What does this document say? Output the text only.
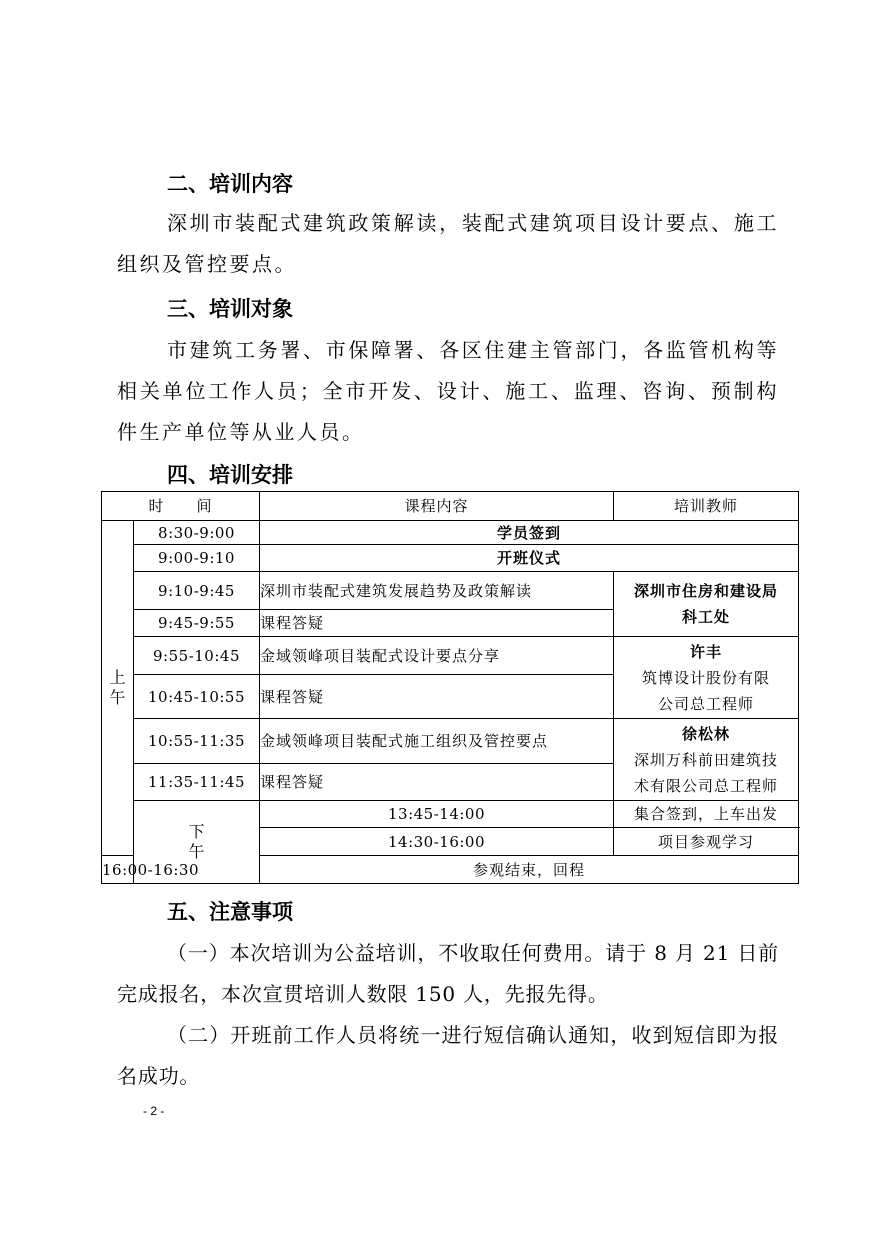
二、培训内容

深圳市装配式建筑政策解读，装配式建筑项目设计要点、施工组织及管控要点。

三、培训对象

市建筑工务署、市保障署、各区住建主管部门，各监管机构等相关单位工作人员；全市开发、设计、施工、监理、咨询、预制构件生产单位等从业人员。

四、培训安排
时　　间		课程内容	培训教师
上午	8:30-9:00	学员签到	
	9:00-9:10	开班仪式	
	9:10-9:45	深圳市装配式建筑发展趋势及政策解读	深圳市住房和建设局
科工处

	9:45-9:55	课程答疑	
	9:55-10:45	金域领峰项目装配式设计要点分享	许丰
筑博设计股份有限
公司总工程师

	10:45-10:55	课程答疑	
	10:55-11:35	金域领峰项目装配式施工组织及管控要点	徐松林
深圳万科前田建筑技
术有限公司总工程师

	11:35-11:45	课程答疑	
	下午	13:45-14:00	集合签到，上车出发
		14:30-16:00	项目参观学习
16:00-16:30		参观结束，回程	
五、注意事项

（一）本次培训为公益培训，不收取任何费用。请于 8 月 21 日前完成报名，本次宣贯培训人数限 150 人，先报先得。

（二）开班前工作人员将统一进行短信确认通知，收到短信即为报名成功。

- 2 -
